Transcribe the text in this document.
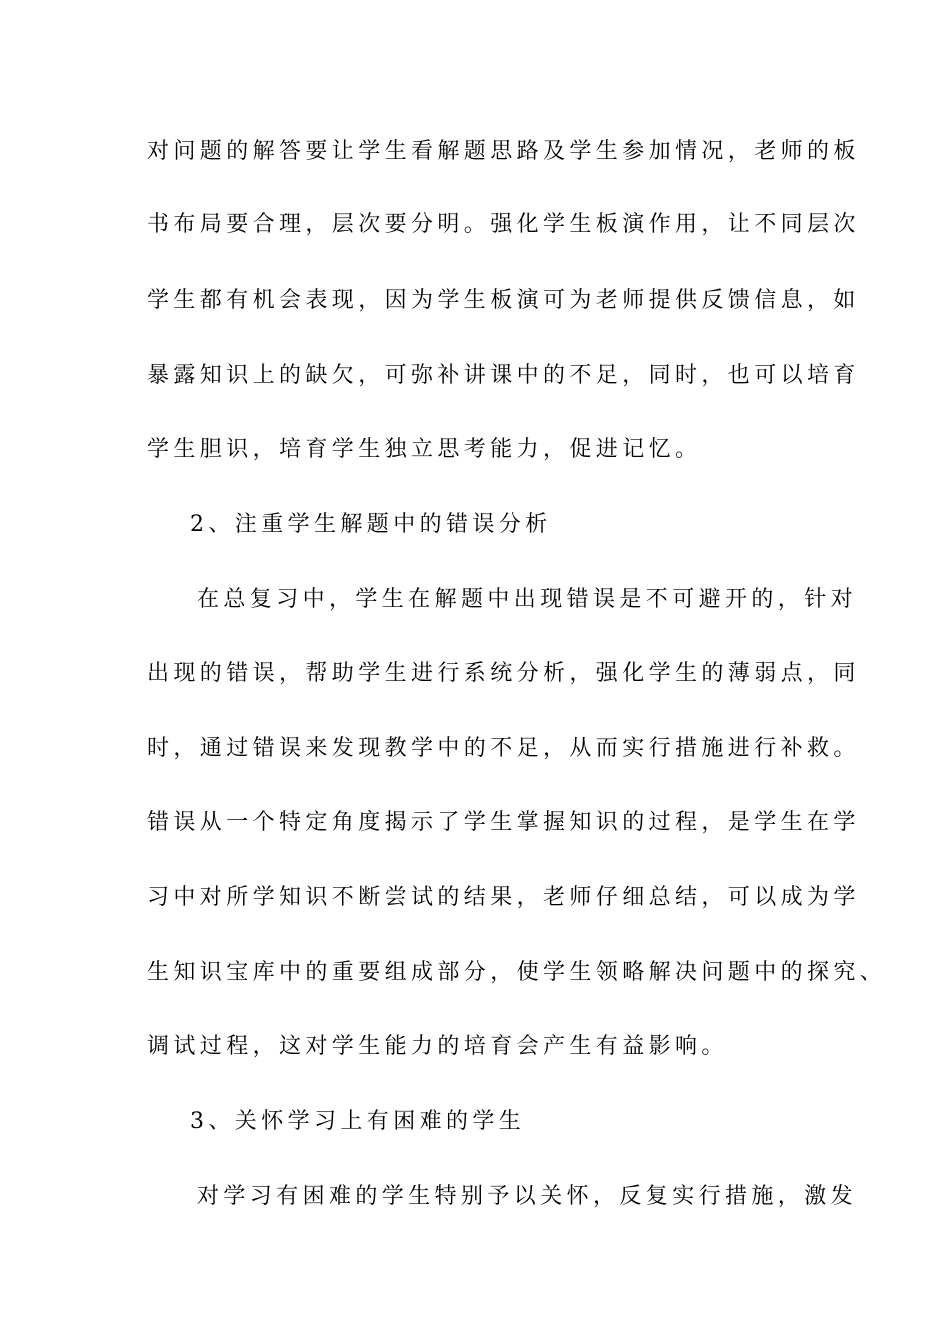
对问题的解答要让学生看解题思路及学生参加情况，老师的板

书布局要合理，层次要分明。强化学生板演作用，让不同层次

学生都有机会表现，因为学生板演可为老师提供反馈信息，如

暴露知识上的缺欠，可弥补讲课中的不足，同时，也可以培育

学生胆识，培育学生独立思考能力，促进记忆。

2、注重学生解题中的错误分析

在总复习中，学生在解题中出现错误是不可避开的，针对

出现的错误，帮助学生进行系统分析，强化学生的薄弱点，同

时，通过错误来发现教学中的不足，从而实行措施进行补救。

错误从一个特定角度揭示了学生掌握知识的过程，是学生在学

习中对所学知识不断尝试的结果，老师仔细总结，可以成为学

生知识宝库中的重要组成部分，使学生领略解决问题中的探究、

调试过程，这对学生能力的培育会产生有益影响。

3、关怀学习上有困难的学生

对学习有困难的学生特别予以关怀，反复实行措施，激发
